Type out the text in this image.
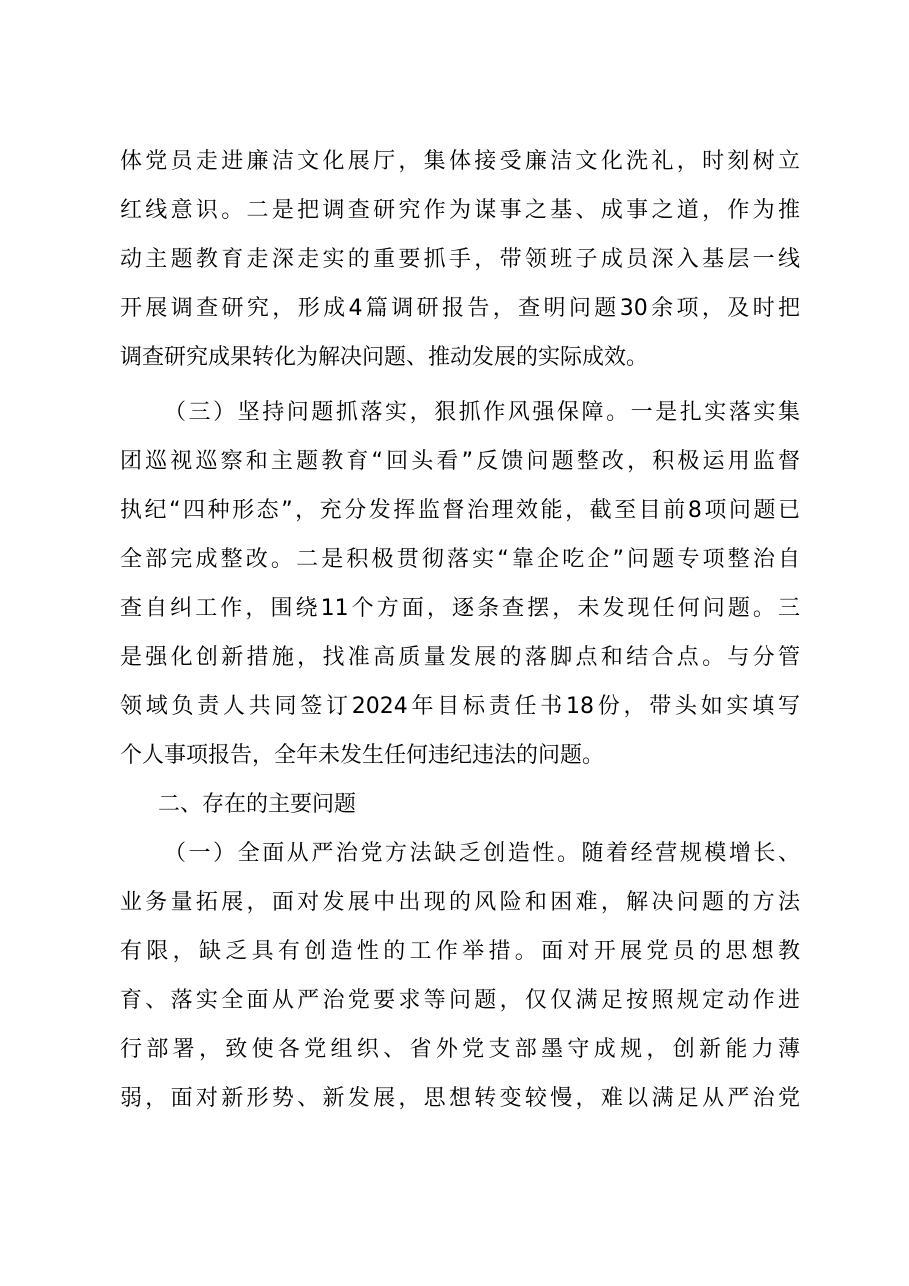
体党员走进廉洁文化展厅，集体接受廉洁文化洗礼，时刻树立
红线意识。二是把调查研究作为谋事之基、成事之道，作为推
动主题教育走深走实的重要抓手，带领班子成员深入基层一线
开展调查研究，形成4篇调研报告，查明问题30余项，及时把
调查研究成果转化为解决问题、推动发展的实际成效。
（三）坚持问题抓落实，狠抓作风强保障。一是扎实落实集
团巡视巡察和主题教育“回头看”反馈问题整改，积极运用监督
执纪“四种形态”，充分发挥监督治理效能，截至目前8项问题已
全部完成整改。二是积极贯彻落实“靠企吃企”问题专项整治自
查自纠工作，围绕11个方面，逐条查摆，未发现任何问题。三
是强化创新措施，找准高质量发展的落脚点和结合点。与分管
领域负责人共同签订2024年目标责任书18份，带头如实填写
个人事项报告，全年未发生任何违纪违法的问题。
二、存在的主要问题
（一）全面从严治党方法缺乏创造性。随着经营规模增长、
业务量拓展，面对发展中出现的风险和困难，解决问题的方法
有限，缺乏具有创造性的工作举措。面对开展党员的思想教
育、落实全面从严治党要求等问题，仅仅满足按照规定动作进
行部署，致使各党组织、省外党支部墨守成规，创新能力薄
弱，面对新形势、新发展，思想转变较慢，难以满足从严治党
